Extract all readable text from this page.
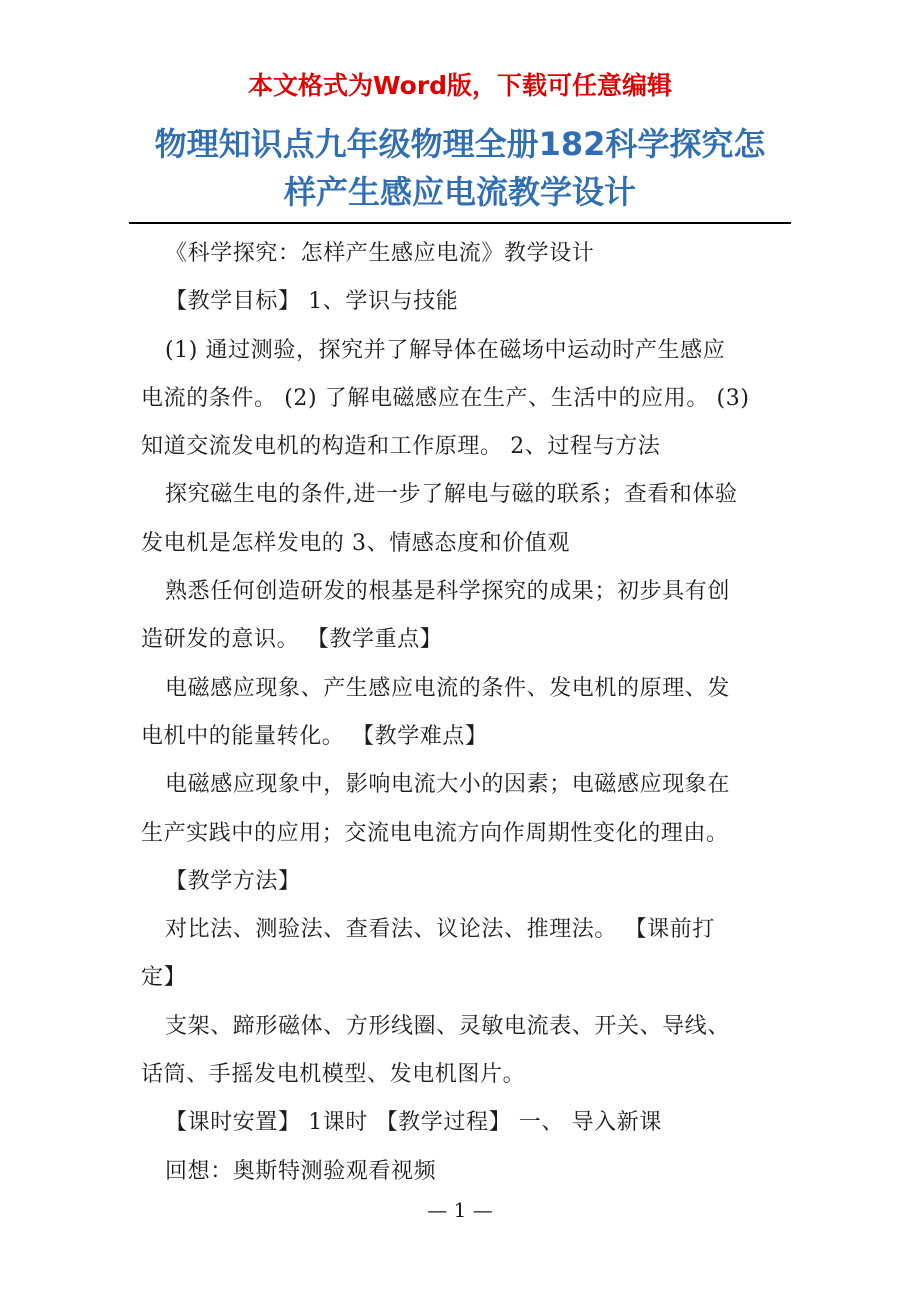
本文格式为Word版，下载可任意编辑
物理知识点九年级物理全册182科学探究怎
样产生感应电流教学设计

《科学探究：怎样产生感应电流》教学设计

【教学目标】 1、学识与技能

(1) 通过测验，探究并了解导体在磁场中运动时产生感应

电流的条件。 (2) 了解电磁感应在生产、生活中的应用。 (3)

知道交流发电机的构造和工作原理。 2、过程与方法

探究磁生电的条件,进一步了解电与磁的联系；查看和体验

发电机是怎样发电的 3、情感态度和价值观

熟悉任何创造研发的根基是科学探究的成果；初步具有创

造研发的意识。 【教学重点】

电磁感应现象、产生感应电流的条件、发电机的原理、发

电机中的能量转化。 【教学难点】

电磁感应现象中，影响电流大小的因素；电磁感应现象在

生产实践中的应用；交流电电流方向作周期性变化的理由。

【教学方法】

对比法、测验法、查看法、议论法、推理法。 【课前打

定】

支架、蹄形磁体、方形线圈、灵敏电流表、开关、导线、

话筒、手摇发电机模型、发电机图片。

【课时安置】 1课时 【教学过程】 一、 导入新课

回想：奥斯特测验观看视频

— 1 —
